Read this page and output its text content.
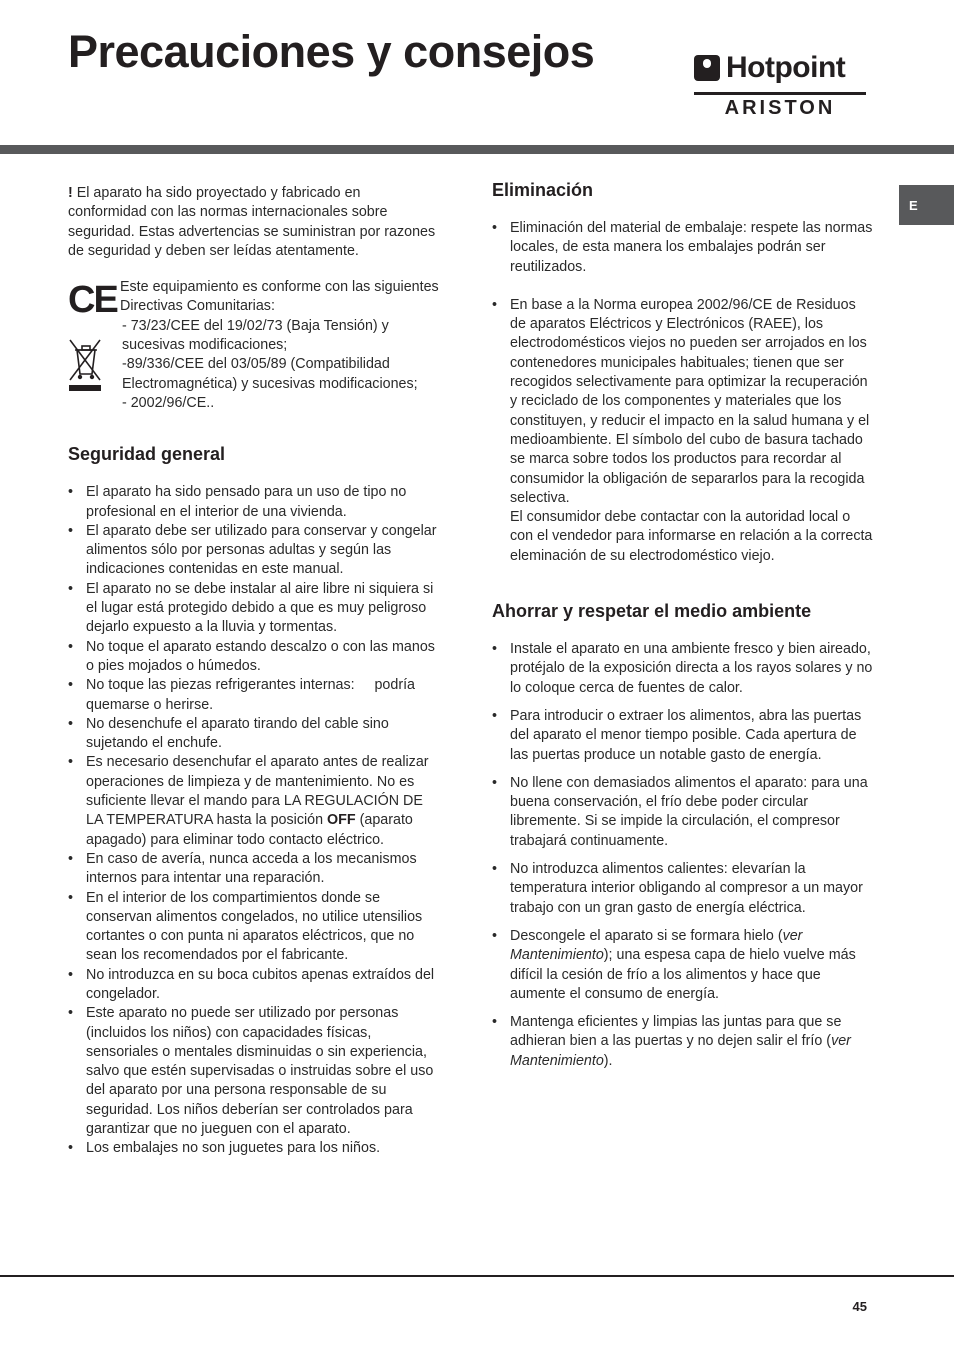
Precauciones y consejos	Hotpoint
ARISTON
E

! El aparato ha sido proyectado y fabricado en conformidad con las normas internacionales sobre seguridad. Estas advertencias se suministran por razones de seguridad y deben ser leídas atentamente.

CE Este equipamiento es conforme con las siguientes Directivas Comunitarias:

- 73/23/CEE del 19/02/73 (Baja Tensión) y sucesivas modificaciones;

-89/336/CEE del 03/05/89 (Compatibilidad Electromagnética) y sucesivas modificaciones;

- 2002/96/CE..

Seguridad general
• El aparato ha sido pensado para un uso de tipo no profesional en el interior de una vivienda.
• El aparato debe ser utilizado para conservar y congelar alimentos sólo por personas adultas y según las indicaciones contenidas en este manual.
• El aparato no se debe instalar al aire libre ni siquiera si el lugar está protegido debido a que es muy peligroso dejarlo expuesto a la lluvia y tormentas.
• No toque el aparato estando descalzo o con las manos o pies mojados o húmedos.
• No toque las piezas refrigerantes internas:     podría quemarse o herirse.
• No desenchufe el aparato tirando del cable sino sujetando el enchufe.
• Es necesario desenchufar el aparato antes de realizar operaciones de limpieza y de mantenimiento. No es suficiente llevar el mando para LA REGULACIÓN DE LA TEMPERATURA hasta la posición OFF (aparato apagado) para eliminar todo contacto eléctrico.
• En caso de avería, nunca acceda a los mecanismos internos para intentar una reparación.
• En el interior de los compartimientos donde se conservan alimentos congelados, no utilice utensilios cortantes o con punta ni aparatos eléctricos, que no sean los recomendados por el fabricante.
• No introduzca en su boca cubitos apenas extraídos del congelador.
• Este aparato no puede ser utilizado por personas (incluidos los niños) con capacidades físicas, sensoriales o mentales disminuidas o sin experiencia, salvo que estén supervisadas o instruidas sobre el uso del aparato por una persona responsable de su seguridad. Los niños deberían ser controlados para garantizar que no jueguen con el aparato.
• Los embalajes no son juguetes para los niños.
Eliminación
• Eliminación del material de embalaje: respete las normas locales, de esta manera los embalajes podrán ser reutilizados.
• En base a la Norma europea 2002/96/CE de Residuos de aparatos Eléctricos y Electrónicos (RAEE), los electrodomésticos viejos no pueden ser arrojados en los contenedores municipales habituales; tienen que ser recogidos selectivamente para optimizar la recuperación y reciclado de los componentes y materiales que los constituyen, y reducir el impacto en la salud humana y el medioambiente. El símbolo del cubo de basura tachado se marca sobre todos los productos para recordar al consumidor la obligación de separarlos para la recogida selectiva.
El consumidor debe contactar con la autoridad local o con el vendedor para informarse en relación a la correcta eleminación de su electrodoméstico viejo.
Ahorrar y respetar el medio ambiente
• Instale el aparato en una ambiente fresco y bien aireado, protéjalo de la exposición directa a los rayos solares y no lo coloque cerca de fuentes de calor.
• Para introducir o extraer los alimentos, abra las puertas del aparato el menor tiempo posible. Cada apertura de las puertas produce un notable gasto de energía.
• No llene con demasiados alimentos el aparato: para una buena conservación, el frío debe poder circular libremente. Si se impide la circulación, el compresor trabajará continuamente.
• No introduzca alimentos calientes: elevarían la temperatura interior obligando al compresor a un mayor trabajo con un gran gasto de energía eléctrica.
• Descongele el aparato si se formara hielo (ver Mantenimiento); una espesa capa de hielo vuelve más difícil la cesión de frío a los alimentos y hace que aumente el consumo de energía.
• Mantenga eficientes y limpias las juntas para que se adhieran bien a las puertas y no dejen salir el frío (ver Mantenimiento).
45
